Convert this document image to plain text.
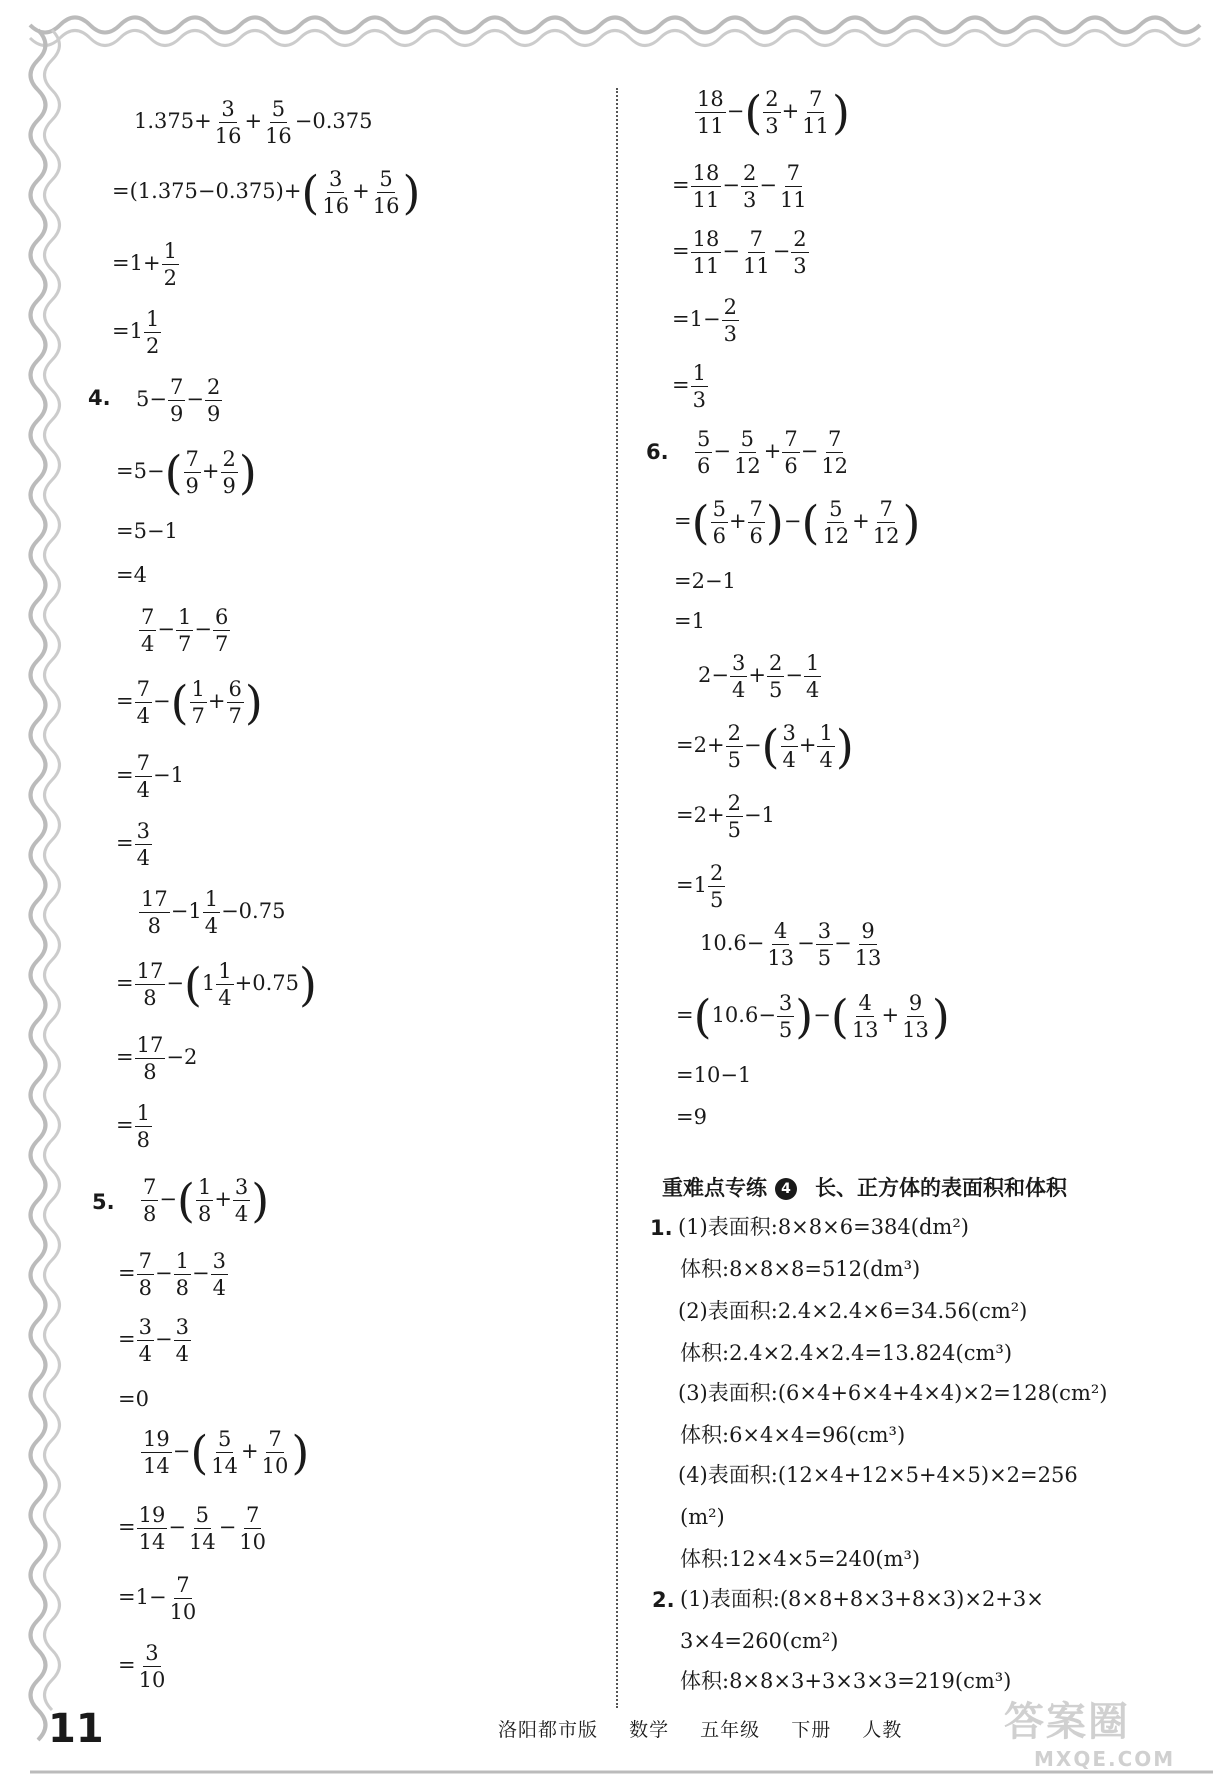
$1.375+ \frac{3}{16} + \frac{5}{16} -0.375$
$=(1.375-0.375)+( \frac{3}{16} + \frac{5}{16}$ )
$=1+ \frac{1}{2}$
$=1 \frac{1}{2}$
4. $5- \frac{7}{9} - \frac{2}{9}$
$=5-( \frac{7}{9} + \frac{2}{9}$ )
=5−1
=4
$\frac{7}{4} - \frac{1}{7} - \frac{6}{7}$
= $\frac{7}{4}$ −( $\frac{1}{7} + \frac{6}{7}$ )
= $\frac{7}{4} -1$
= $\frac{3}{4}$
$\frac{17}{8} -1 \frac{1}{4} -0.75$
= $\frac{17}{8} -(1 \frac{1}{4} +0.75)$
= $\frac{17}{8} -2$
= $\frac{1}{8}$
5. $\frac{7}{8}$ −( $\frac{1}{8} + \frac{3}{4}$ )
= $\frac{7}{8} - \frac{1}{8} - \frac{3}{4}$
= $\frac{3}{4} - \frac{3}{4}$
=0
$\frac{19}{14}$ −( $\frac{5}{14} + \frac{7}{10}$ )
= $\frac{19}{14} - \frac{5}{14} - \frac{7}{10}$
$=1- \frac{7}{10}$
= $\frac{3}{10}$
$\frac{18}{11}$ −( $\frac{2}{3} + \frac{7}{11}$ )
= $\frac{18}{11} - \frac{2}{3} - \frac{7}{11}$
= $\frac{18}{11} - \frac{7}{11} - \frac{2}{3}$
$=1- \frac{2}{3}$
= $\frac{1}{3}$
6. $\frac{5}{6} - \frac{5}{12} + \frac{7}{6} - \frac{7}{12}$
=( $\frac{5}{6} + \frac{7}{6}$ )−( $\frac{5}{12} + \frac{7}{12}$ )
=2−1
=1
$2- \frac{3}{4} + \frac{2}{5} - \frac{1}{4}$
$=2+ \frac{2}{5}$ −( $\frac{3}{4} + \frac{1}{4}$ )
$=2+ \frac{2}{5} -1$
$=1 \frac{2}{5}$
$10.6- \frac{4}{13} - \frac{3}{5} - \frac{9}{13}$
$=(10.6- \frac{3}{5}$ )−( $\frac{4}{13} + \frac{9}{13}$ )
=10−1
=9
重难点专练 4 长、正方体的表面积和体积
1. (1)表面积:8×8×6=384(dm²)
体积:8×8×8=512(dm³)
(2)表面积:2.4×2.4×6=34.56(cm²)
体积:2.4×2.4×2.4=13.824(cm³)
(3)表面积:(6×4+6×4+4×4)×2=128(cm²)
体积:6×4×4=96(cm³)
(4)表面积:(12×4+12×5+4×5)×2=256
(m²)
体积:12×4×5=240(m³)
2. (1)表面积:(8×8+8×3+8×3)×2+3×
3×4=260(cm²)
体积:8×8×3+3×3×3=219(cm³)
11	洛阳都市版 数学 五年级 下册 人教	答案圈
MXQE.COM
